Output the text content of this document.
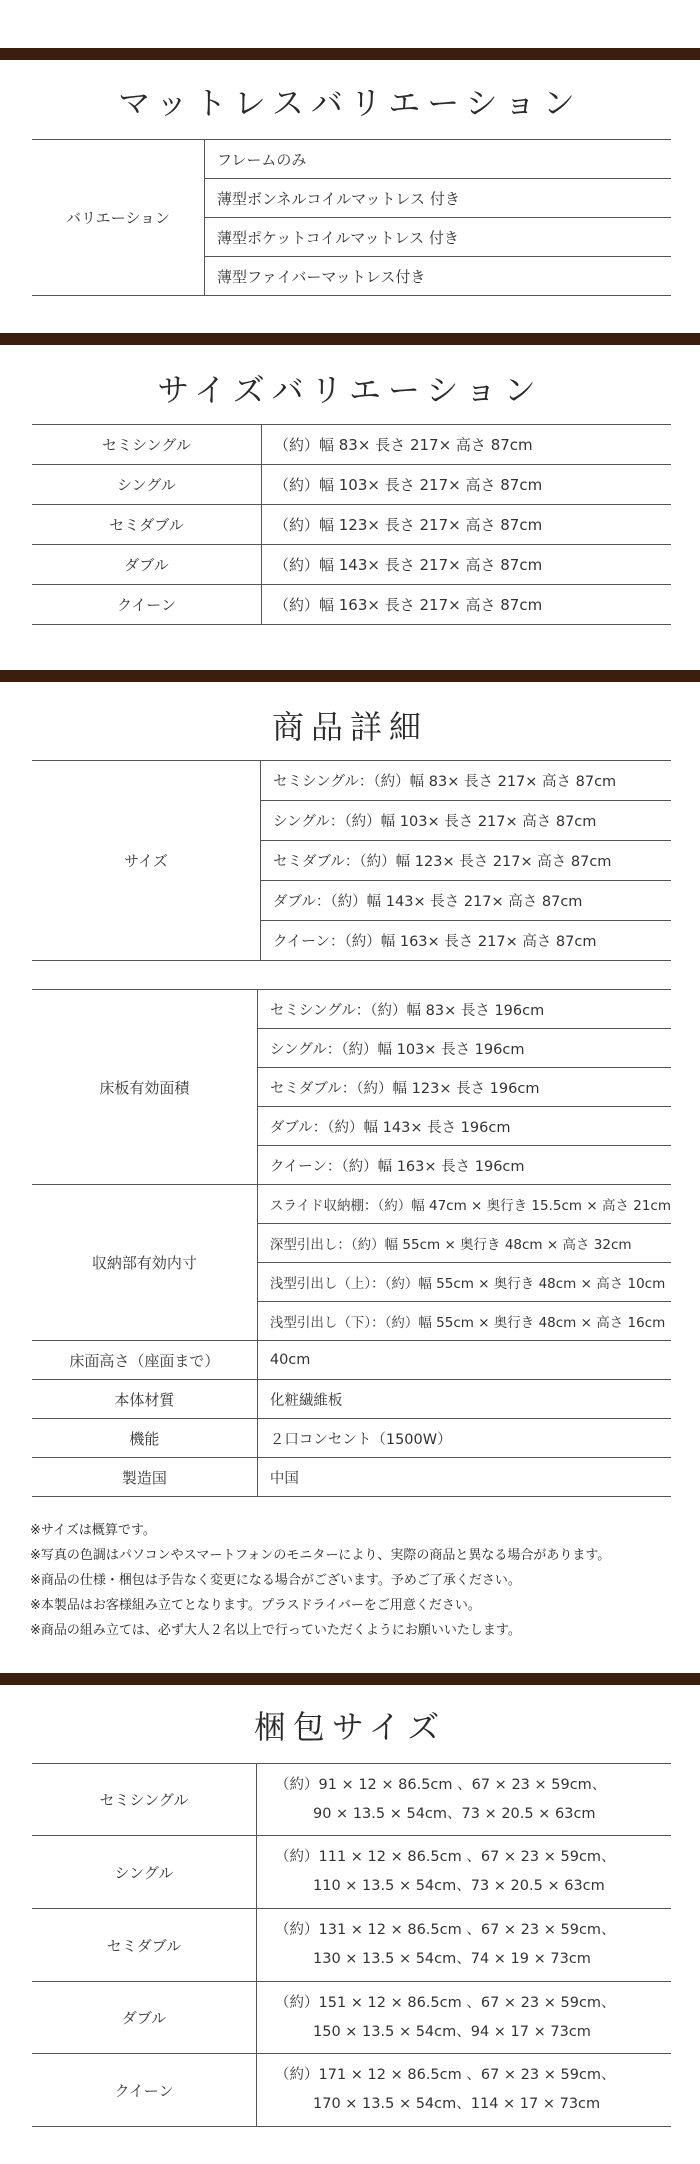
マットレスバリエーション
バリエーション	フレームのみ
薄型ボンネルコイルマットレス 付き
薄型ポケットコイルマットレス 付き
薄型ファイバーマットレス付き
サイズバリエーション
セミシングル	（約）幅 83× 長さ 217× 高さ 87cm
シングル	（約）幅 103× 長さ 217× 高さ 87cm
セミダブル	（約）幅 123× 長さ 217× 高さ 87cm
ダブル	（約）幅 143× 長さ 217× 高さ 87cm
クイーン	（約）幅 163× 長さ 217× 高さ 87cm
商品詳細
サイズ	セミシングル：（約）幅 83× 長さ 217× 高さ 87cm
シングル：（約）幅 103× 長さ 217× 高さ 87cm
セミダブル：（約）幅 123× 長さ 217× 高さ 87cm
ダブル：（約）幅 143× 長さ 217× 高さ 87cm
クイーン：（約）幅 163× 長さ 217× 高さ 87cm
床板有効面積	セミシングル：（約）幅 83× 長さ 196cm
	シングル：（約）幅 103× 長さ 196cm
	セミダブル：（約）幅 123× 長さ 196cm
	ダブル：（約）幅 143× 長さ 196cm
	クイーン：（約）幅 163× 長さ 196cm
収納部有効内寸	スライド収納棚：（約）幅 47cm × 奥行き 15.5cm × 高さ 21cm
	深型引出し：（約）幅 55cm × 奥行き 48cm × 高さ 32cm
	浅型引出し（上）：（約）幅 55cm × 奥行き 48cm × 高さ 10cm
	浅型引出し（下）：（約）幅 55cm × 奥行き 48cm × 高さ 16cm
床面高さ（座面まで）	40cm
本体材質	化粧繊維板
機能	２口コンセント（1500W）
製造国	中国
※サイズは概算です。
※写真の色調はパソコンやスマートフォンのモニターにより、実際の商品と異なる場合があります。
※商品の仕様・梱包は予告なく変更になる場合がございます。予めご了承ください。
※本製品はお客様組み立てとなります。プラスドライバーをご用意ください。
※商品の組み立ては、必ず大人２名以上で行っていただくようにお願いいたします。
梱包サイズ
セミシングル	（約）91 × 12 × 86.5cm 、67 × 23 × 59cm、
90 × 13.5 × 54cm、73 × 20.5 × 63cm

シングル	（約）111 × 12 × 86.5cm 、67 × 23 × 59cm、
110 × 13.5 × 54cm、73 × 20.5 × 63cm

セミダブル	（約）131 × 12 × 86.5cm 、67 × 23 × 59cm、
130 × 13.5 × 54cm、74 × 19 × 73cm

ダブル	（約）151 × 12 × 86.5cm 、67 × 23 × 59cm、
150 × 13.5 × 54cm、94 × 17 × 73cm

クイーン	（約）171 × 12 × 86.5cm 、67 × 23 × 59cm、
170 × 13.5 × 54cm、114 × 17 × 73cm
